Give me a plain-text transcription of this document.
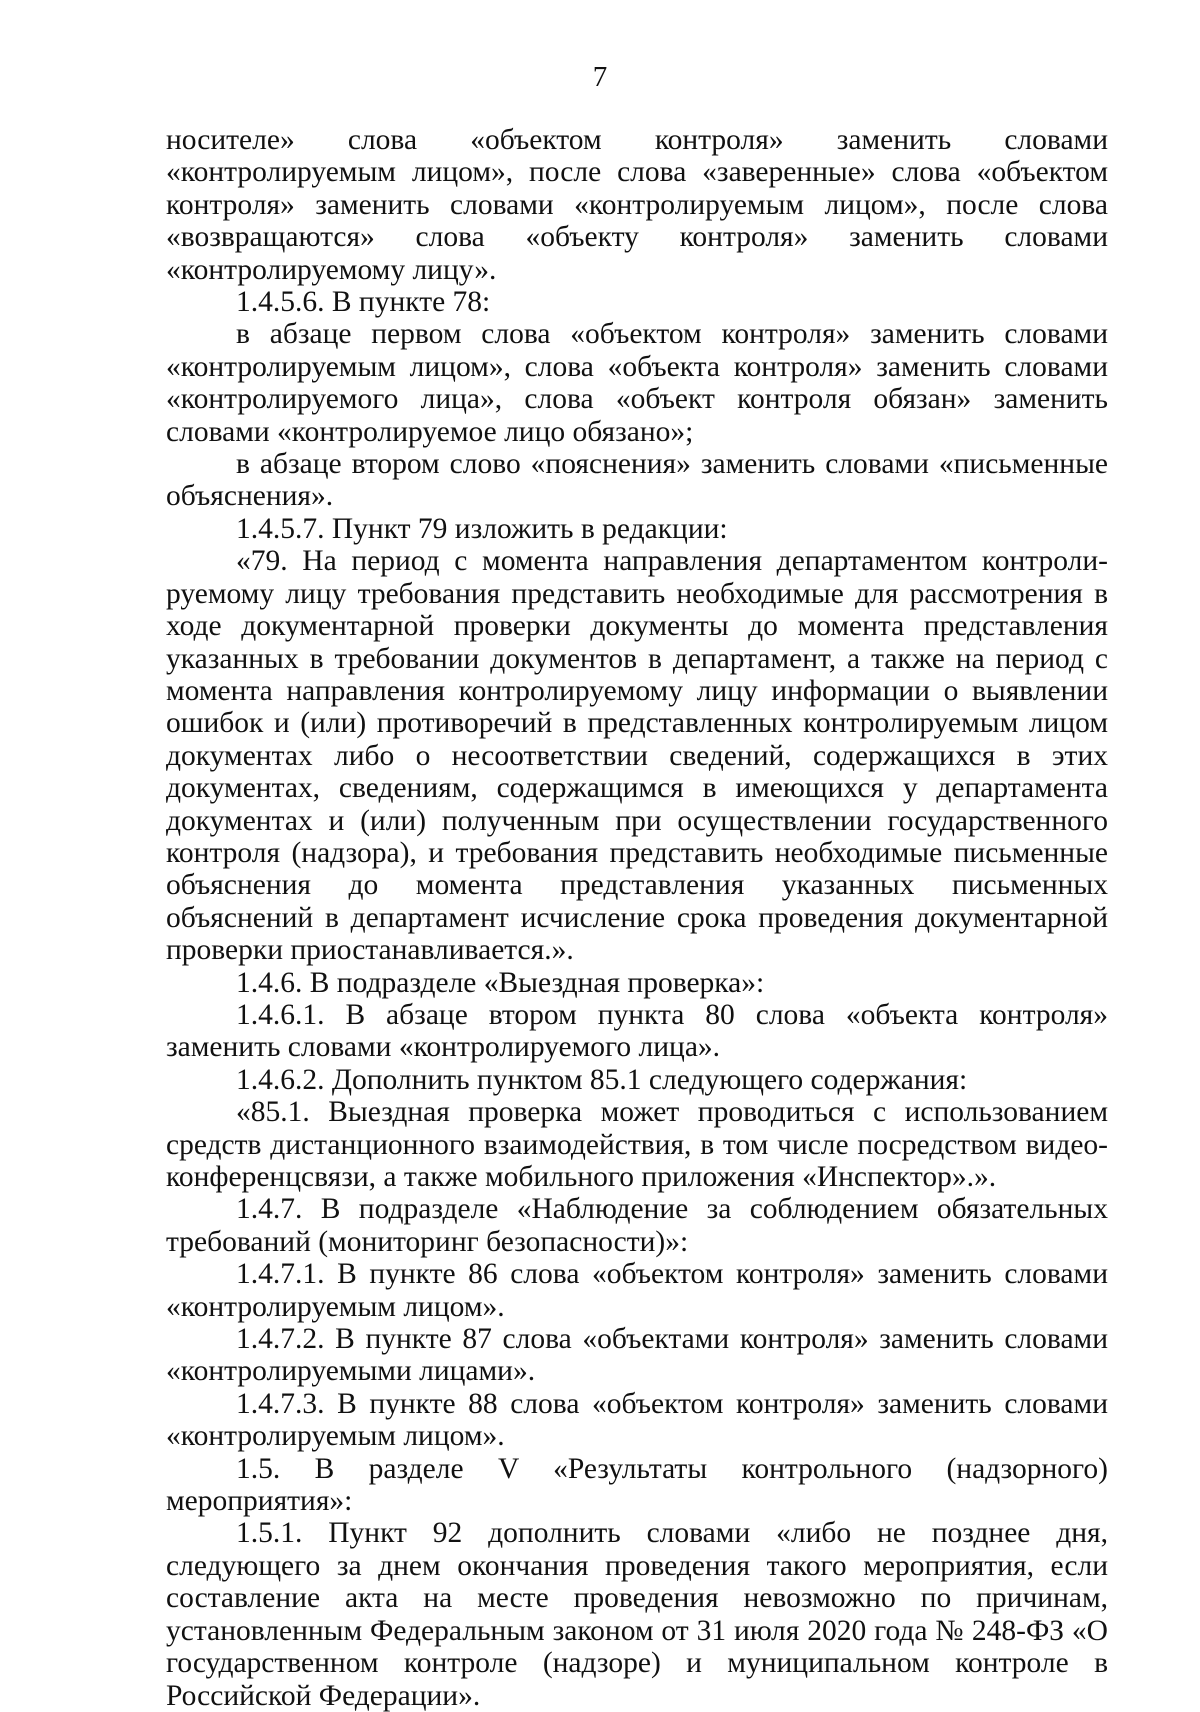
7

носителе» слова «объектом контроля» заменить словами «контролируемым лицом», после слова «заверенные» слова «объектом контроля» заменить словами «контролируемым лицом», после слова «возвращаются» слова «объекту контроля» заменить словами «контролируемому лицу».

1.4.5.6. В пункте 78:

в абзаце первом слова «объектом контроля» заменить словами «контролируемым лицом», слова «объекта контроля» заменить словами «контролируемого лица», слова «объект контроля обязан» заменить словами «контролируемое лицо обязано»;

в абзаце втором слово «пояснения» заменить словами «письменные объяснения».

1.4.5.7. Пункт 79 изложить в редакции:

«79. На период с момента направления департаментом контролируемому лицу требования представить необходимые для рассмотрения в ходе документарной проверки документы до момента представления указанных в требовании документов в департамент, а также на период с момента направления контролируемому лицу информации о выявлении ошибок и (или) противоречий в представленных контролируемым лицом документах либо о несоответствии сведений, содержащихся в этих документах, сведениям, содержащимся в имеющихся у департамента документах и (или) полученным при осуществлении государственного контроля (надзора), и требования представить необходимые письменные объяснения до момента представления указанных письменных объяснений в департамент исчисление срока проведения документарной проверки приостанавливается.».

1.4.6. В подразделе «Выездная проверка»:

1.4.6.1. В абзаце втором пункта 80 слова «объекта контроля» заменить словами «контролируемого лица».

1.4.6.2. Дополнить пунктом 85.1 следующего содержания:

«85.1. Выездная проверка может проводиться с использованием средств дистанционного взаимодействия, в том числе посредством видео-конференцсвязи, а также мобильного приложения «Инспектор».».

1.4.7. В подразделе «Наблюдение за соблюдением обязательных требований (мониторинг безопасности)»:

1.4.7.1. В пункте 86 слова «объектом контроля» заменить словами «контролируемым лицом».

1.4.7.2. В пункте 87 слова «объектами контроля» заменить словами «контролируемыми лицами».

1.4.7.3. В пункте 88 слова «объектом контроля» заменить словами «контролируемым лицом».

1.5. В разделе V «Результаты контрольного (надзорного) мероприятия»:

1.5.1. Пункт 92 дополнить словами «либо не позднее дня, следующего за днем окончания проведения такого мероприятия, если составление акта на месте проведения невозможно по причинам, установленным Федеральным законом от 31 июля 2020 года № 248-ФЗ «О государственном контроле (надзоре) и муниципальном контроле в Российской Федерации».
